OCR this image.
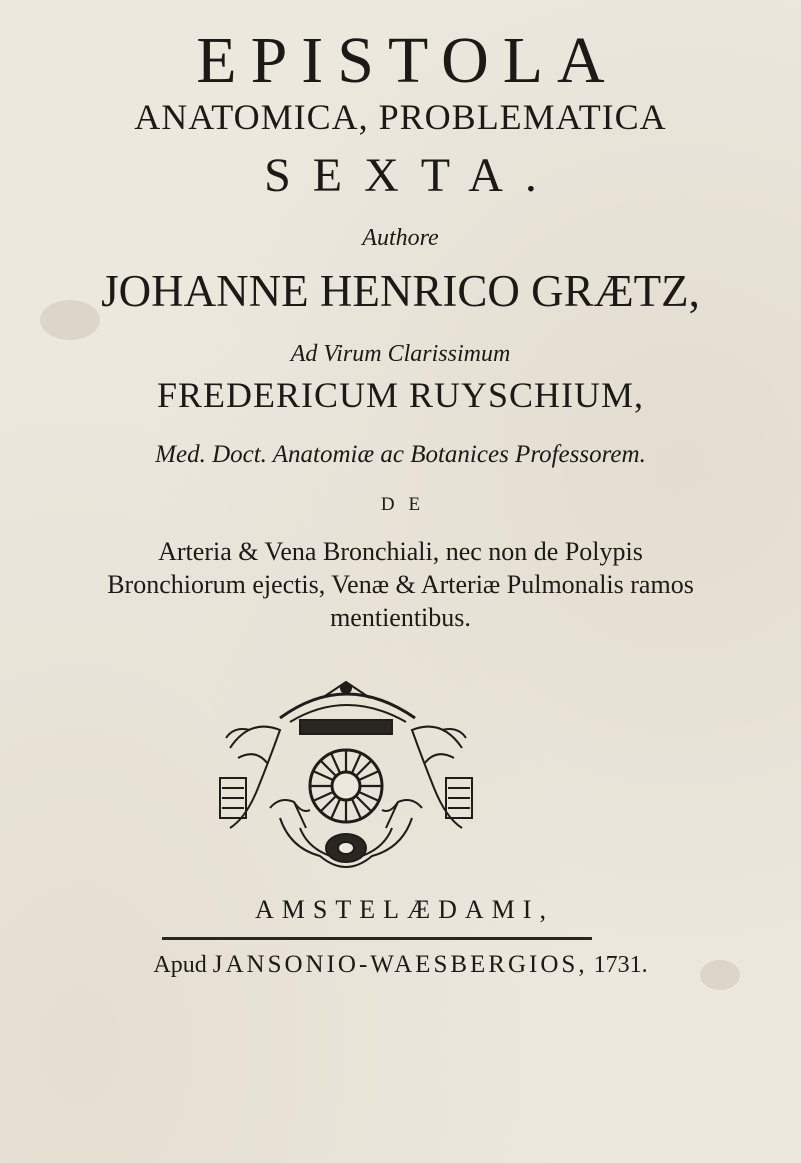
EPISTOLA
ANATOMICA, PROBLEMATICA
SEXTA.
Authore
JOHANNE HENRICO GRÆTZ,
Ad Virum Clarissimum
FREDERICUM RUYSCHIUM,
Med. Doct. Anatomiæ ac Botanices Professorem.
DE
Arteria & Vena Bronchiali, nec non de Polypis Bronchiorum ejectis, Venæ & Arteriæ Pulmonalis ramos mentientibus.
AMSTELÆDAMI,
Apud JANSONIO-WAESBERGIOS, 1731.
